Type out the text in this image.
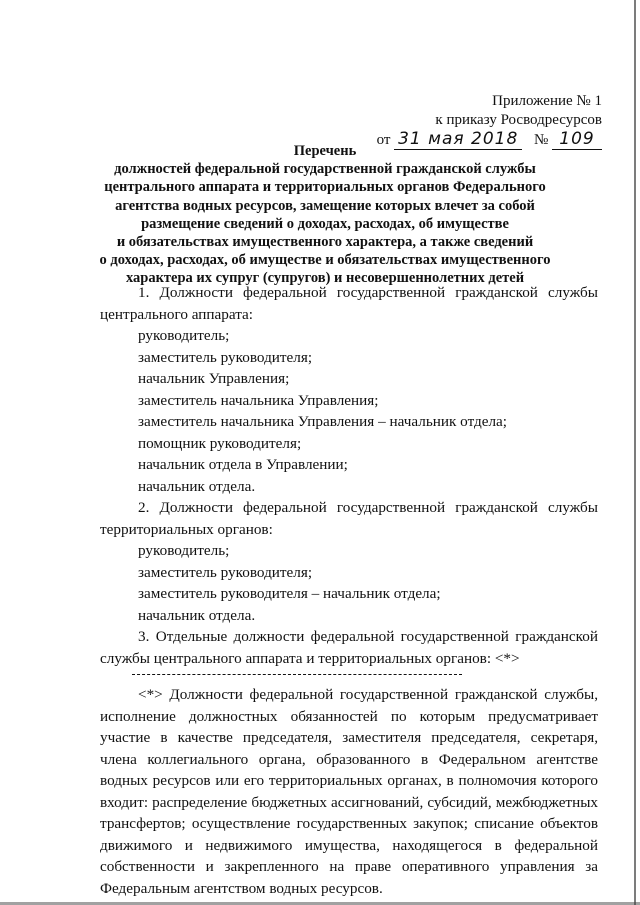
Приложение № 1
к приказу Росводресурсов
от 31 мая 2018 № 109
Перечень
должностей федеральной государственной гражданской службы
центрального аппарата и территориальных органов Федерального
агентства водных ресурсов, замещение которых влечет за собой
размещение сведений о доходах, расходах, об имуществе
и обязательствах имущественного характера, а также сведений
о доходах, расходах, об имуществе и обязательствах имущественного
характера их супруг (супругов) и несовершеннолетних детей

1. Должности федеральной государственной гражданской службы центрального аппарата:

руководитель;

заместитель руководителя;

начальник Управления;

заместитель начальника Управления;

заместитель начальника Управления – начальник отдела;

помощник руководителя;

начальник отдела в Управлении;

начальник отдела.

2. Должности федеральной государственной гражданской службы территориальных органов:

руководитель;

заместитель руководителя;

заместитель руководителя – начальник отдела;

начальник отдела.

3. Отдельные должности федеральной государственной гражданской службы центрального аппарата и территориальных органов: <*>

<*> Должности федеральной государственной гражданской службы, исполнение должностных обязанностей по которым предусматривает участие в качестве председателя, заместителя председателя, секретаря, члена коллегиального органа, образованного в Федеральном агентстве водных ресурсов или его территориальных органах, в полномочия которого входит: распределение бюджетных ассигнований, субсидий, межбюджетных трансфертов; осуществление государственных закупок; списание объектов движимого и недвижимого имущества, находящегося в федеральной собственности и закрепленного на праве оперативного управления за Федеральным агентством водных ресурсов.
